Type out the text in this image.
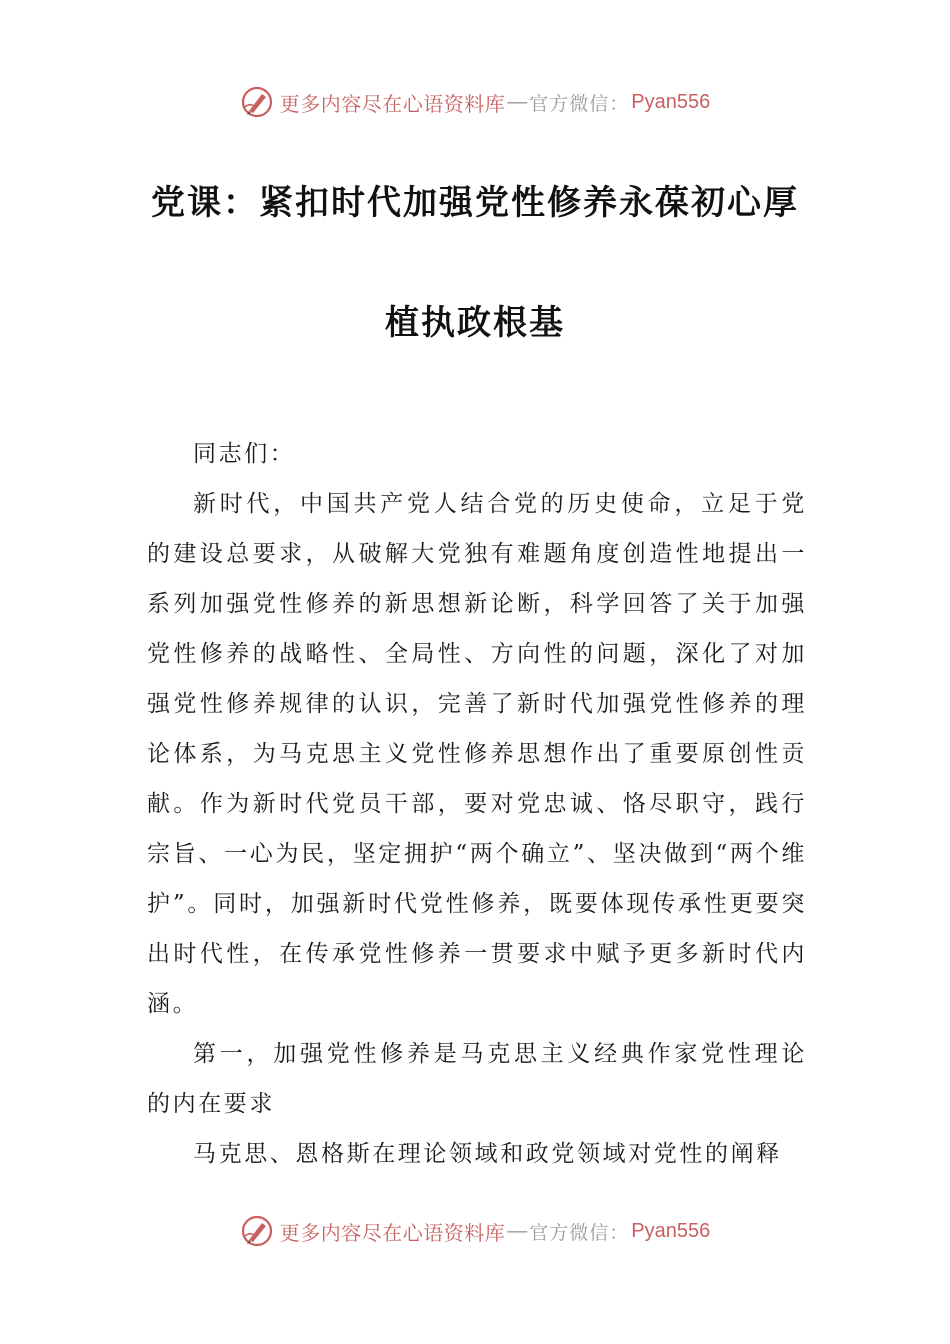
更多内容尽在心语资料库 — 官方微信： Pyan556
党课：紧扣时代加强党性修养永葆初心厚
植执政根基

同志们：

新时代，中国共产党人结合党的历史使命，立足于党的建设总要求，从破解大党独有难题角度创造性地提出一系列加强党性修养的新思想新论断，科学回答了关于加强党性修养的战略性、全局性、方向性的问题，深化了对加强党性修养规律的认识，完善了新时代加强党性修养的理论体系，为马克思主义党性修养思想作出了重要原创性贡献。作为新时代党员干部，要对党忠诚、恪尽职守，践行宗旨、一心为民，坚定拥护“两个确立”、坚决做到“两个维护”。同时，加强新时代党性修养，既要体现传承性更要突出时代性，在传承党性修养一贯要求中赋予更多新时代内涵。

第一，加强党性修养是马克思主义经典作家党性理论的内在要求

马克思、恩格斯在理论领域和政党领域对党性的阐释

更多内容尽在心语资料库 — 官方微信： Pyan556
